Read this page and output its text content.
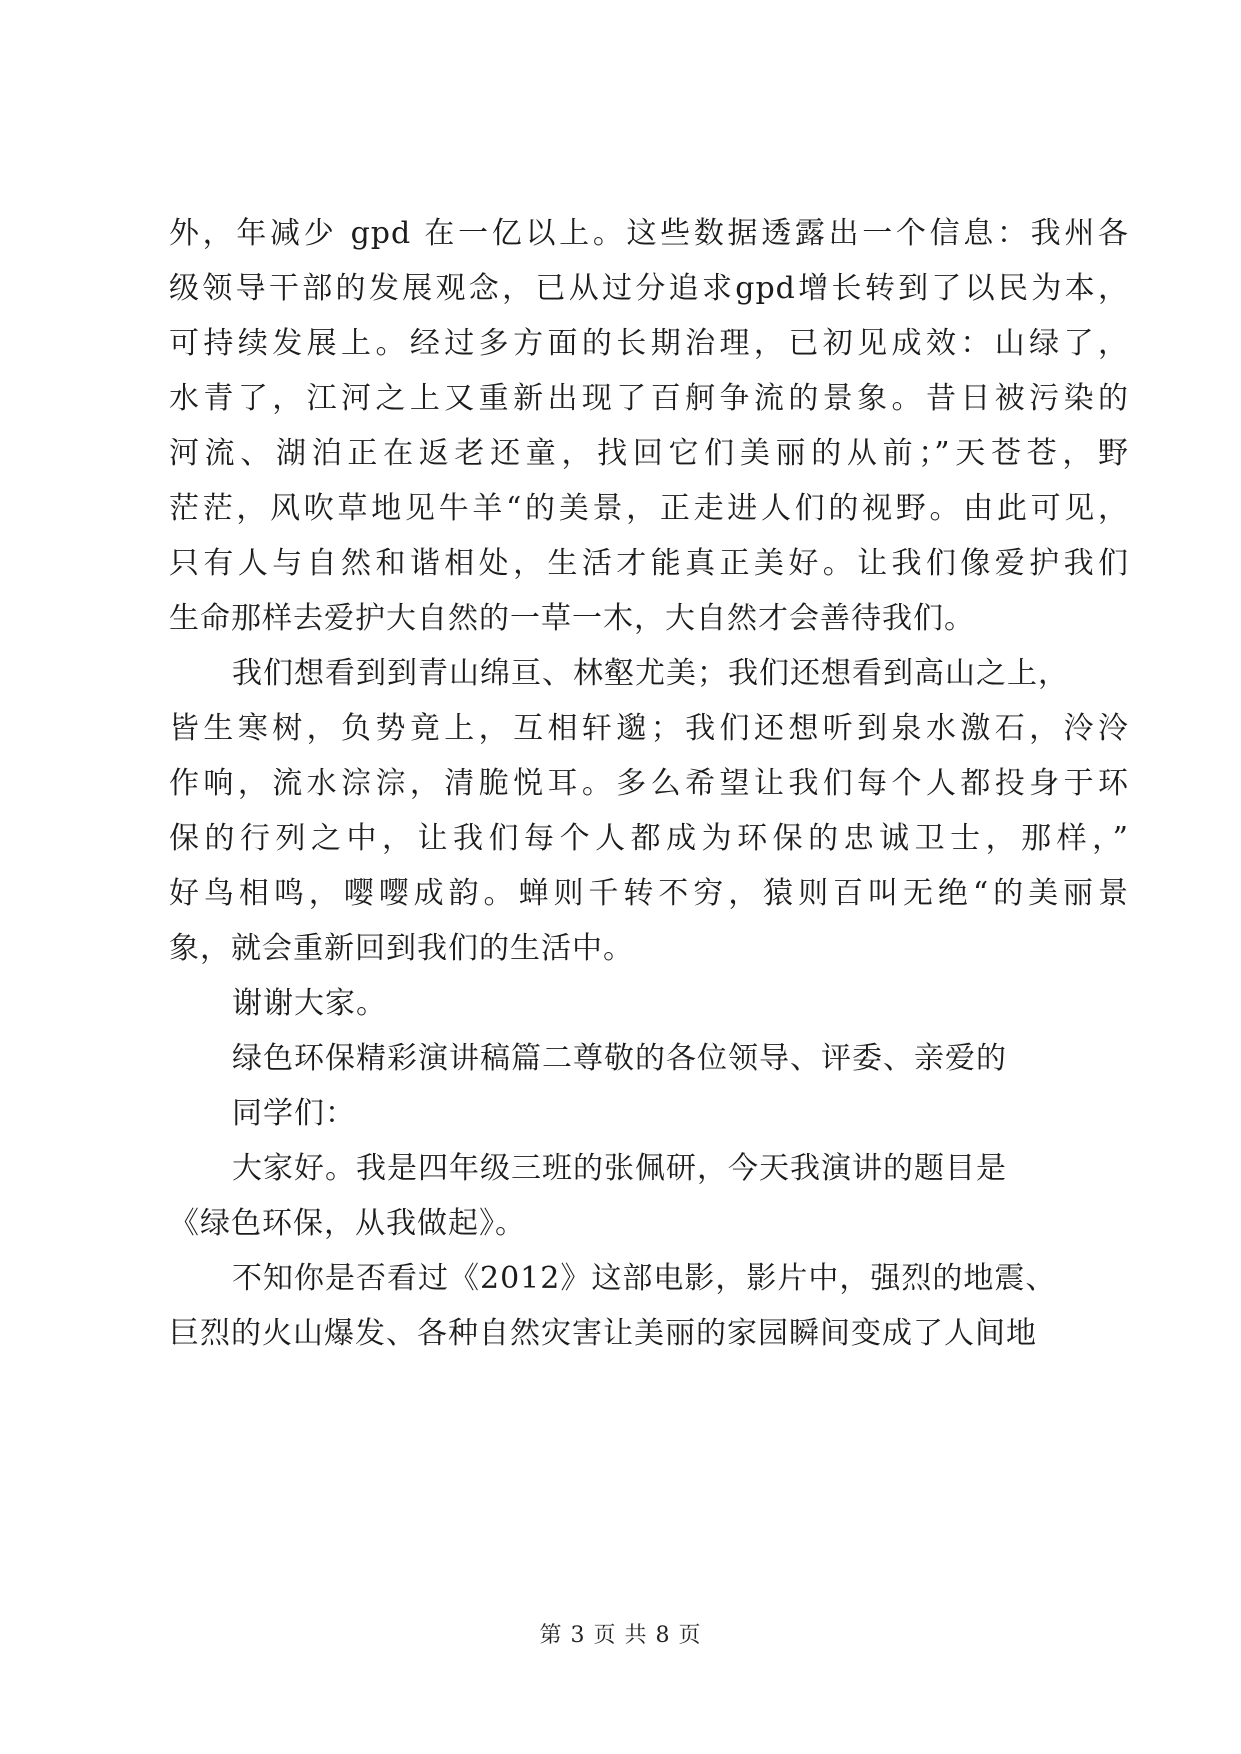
外，年减少 gpd 在一亿以上。这些数据透露出一个信息：我州各
级领导干部的发展观念，已从过分追求gpd增长转到了以民为本，
可持续发展上。经过多方面的长期治理，已初见成效：山绿了，
水青了，江河之上又重新出现了百舸争流的景象。昔日被污染的
河流、湖泊正在返老还童，找回它们美丽的从前；”天苍苍，野
茫茫，风吹草地见牛羊“的美景，正走进人们的视野。由此可见，
只有人与自然和谐相处，生活才能真正美好。让我们像爱护我们
生命那样去爱护大自然的一草一木，大自然才会善待我们。
我们想看到到青山绵亘、林壑尤美；我们还想看到高山之上，
皆生寒树，负势竟上，互相轩邈；我们还想听到泉水激石，泠泠
作响，流水淙淙，清脆悦耳。多么希望让我们每个人都投身于环
保的行列之中，让我们每个人都成为环保的忠诚卫士，那样，”
好鸟相鸣，嘤嘤成韵。蝉则千转不穷，猿则百叫无绝“的美丽景
象，就会重新回到我们的生活中。
谢谢大家。
绿色环保精彩演讲稿篇二尊敬的各位领导、评委、亲爱的
同学们：
大家好。我是四年级三班的张佩研，今天我演讲的题目是
《绿色环保，从我做起》。
不知你是否看过《2012》这部电影，影片中，强烈的地震、
巨烈的火山爆发、各种自然灾害让美丽的家园瞬间变成了人间地
第 3 页 共 8 页
